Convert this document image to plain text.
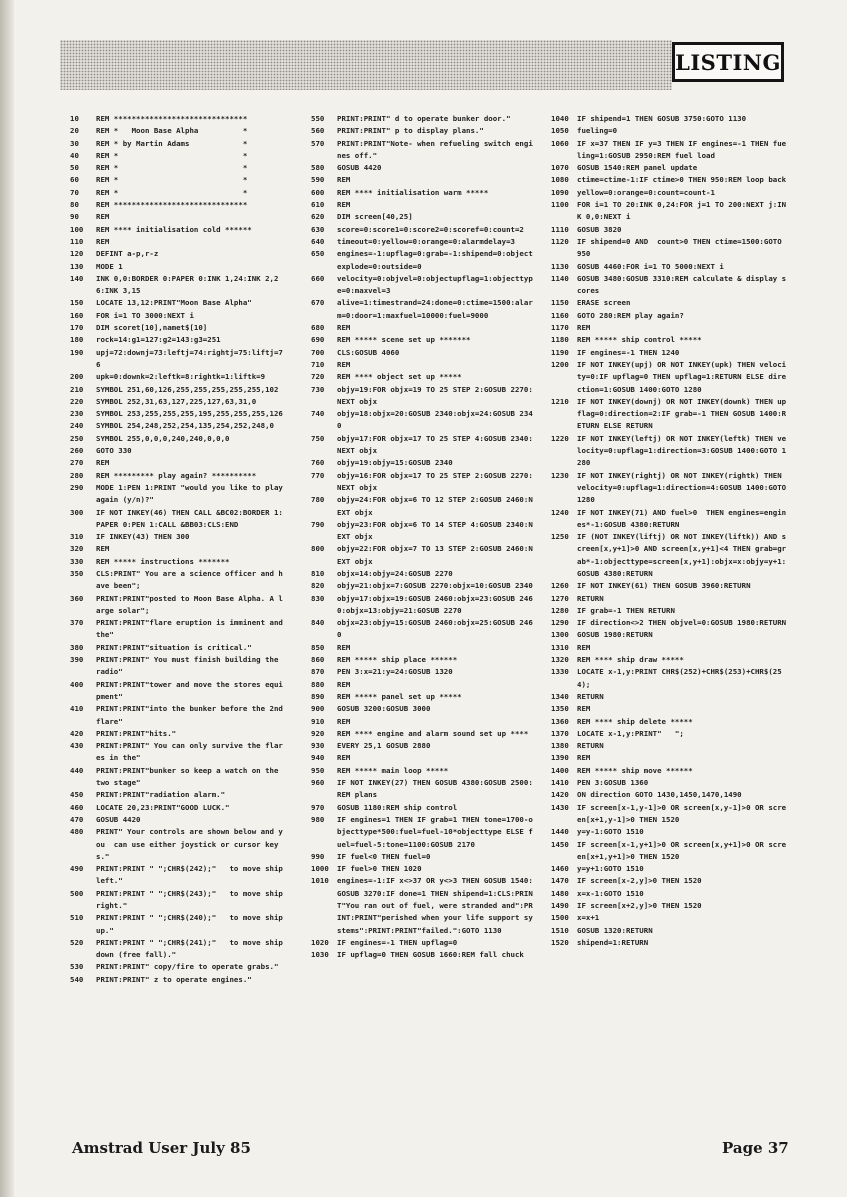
LISTING
10	REM ******************************
20	REM *   Moon Base Alpha          *
30	REM * by Martin Adams            *
40	REM *                            *
50	REM *                            *
60	REM *                            *
70	REM *                            *
80	REM ******************************
90	REM
100	REM **** initialisation cold ******
110	REM
120	DEFINT a-p,r-z
130	MODE 1
140	INK 0,0:BORDER 0:PAPER 0:INK 1,24:INK 2,26:INK 3,15
150	LOCATE 13,12:PRINT"Moon Base Alpha"
160	FOR i=1 TO 3000:NEXT i
170	DIM scoret[10],namet$[10]
180	rock=14:g1=127:g2=143:g3=251
190	upj=72:downj=73:leftj=74:rightj=75:liftj=76
200	upk=0:downk=2:leftk=8:rightk=1:liftk=9
210	SYMBOL 251,60,126,255,255,255,255,255,102
220	SYMBOL 252,31,63,127,225,127,63,31,0
230	SYMBOL 253,255,255,255,195,255,255,255,126
240	SYMBOL 254,248,252,254,135,254,252,248,0
250	SYMBOL 255,0,0,0,240,240,0,0,0
260	GOTO 330
270	REM
280	REM ********* play again? **********
290	MODE 1:PEN 1:PRINT "would you like to play again (y/n)?"
300	IF NOT INKEY(46) THEN CALL &BC02:BORDER 1:PAPER 0:PEN 1:CALL &BB03:CLS:END
310	IF INKEY(43) THEN 300
320	REM
330	REM ***** instructions *******
350	CLS:PRINT" You are a science officer and have been";
360	PRINT:PRINT"posted to Moon Base Alpha. A large solar";
370	PRINT:PRINT"flare eruption is imminent and the"
380	PRINT:PRINT"situation is critical."
390	PRINT:PRINT" You must finish building the radio"
400	PRINT:PRINT"tower and move the stores equipment"
410	PRINT:PRINT"into the bunker before the 2nd flare"
420	PRINT:PRINT"hits."
430	PRINT:PRINT" You can only survive the flares in the"
440	PRINT:PRINT"bunker so keep a watch on the two stage"
450	PRINT:PRINT"radiation alarm."
460	LOCATE 20,23:PRINT"GOOD LUCK."
470	GOSUB 4420
480	PRINT" Your controls are shown below and you  can use either joystick or cursor keys."
490	PRINT:PRINT " ";CHR$(242);"   to move ship left."
500	PRINT:PRINT " ";CHR$(243);"   to move ship right."
510	PRINT:PRINT " ";CHR$(240);"   to move ship up."
520	PRINT:PRINT " ";CHR$(241);"   to move ship down (free fall)."
530	PRINT:PRINT" copy/fire to operate grabs."
540	PRINT:PRINT" z to operate engines."
550	PRINT:PRINT" d to operate bunker door."
560	PRINT:PRINT" p to display plans."
570	PRINT:PRINT"Note- when refueling switch engines off."
580	GOSUB 4420
590	REM
600	REM **** initialisation warm *****
610	REM
620	DIM screen[40,25]
630	score=0:score1=0:score2=0:scoref=0:count=2
640	timeout=0:yellow=0:orange=0:alarmdelay=3
650	engines=-1:upflag=0:grab=-1:shipend=0:objectexplode=0:outside=0
660	velocity=0:objvel=0:objectupflag=1:objecttype=0:maxvel=3
670	alive=1:timestrand=24:done=0:ctime=1500:alarm=0:door=1:maxfuel=10000:fuel=9000
680	REM
690	REM ***** scene set up *******
700	CLS:GOSUB 4060
710	REM
720	REM **** object set up *****
730	objy=19:FOR objx=19 TO 25 STEP 2:GOSUB 2270:NEXT objx
740	objy=18:objx=20:GOSUB 2340:objx=24:GOSUB 2340
750	objy=17:FOR objx=17 TO 25 STEP 4:GOSUB 2340:NEXT objx
760	objy=19:objy=15:GOSUB 2340
770	objy=16:FOR objx=17 TO 25 STEP 2:GOSUB 2270:NEXT objx
780	objy=24:FOR objx=6 TO 12 STEP 2:GOSUB 2460:NEXT objx
790	objy=23:FOR objx=6 TO 14 STEP 4:GOSUB 2340:NEXT objx
800	objy=22:FOR objx=7 TO 13 STEP 2:GOSUB 2460:NEXT objx
810	objx=14:objy=24:GOSUB 2270
820	objy=21:objx=7:GOSUB 2270:objx=10:GOSUB 2340
830	objy=17:objx=19:GOSUB 2460:objx=23:GOSUB 2460:objx=13:objy=21:GOSUB 2270
840	objx=23:objy=15:GOSUB 2460:objx=25:GOSUB 2460
850	REM
860	REM ***** ship place ******
870	PEN 3:x=21:y=24:GOSUB 1320
880	REM
890	REM ***** panel set up *****
900	GOSUB 3200:GOSUB 3000
910	REM
920	REM **** engine and alarm sound set up ****
930	EVERY 25,1 GOSUB 2880
940	REM
950	REM ***** main loop *****
960	IF NOT INKEY(27) THEN GOSUB 4380:GOSUB 2500:REM plans
970	GOSUB 1180:REM ship control
980	IF engines=1 THEN IF grab=1 THEN tone=1700-objecttype*500:fuel=fuel-10*objecttype ELSE fuel=fuel-5:tone=1100:GOSUB 2170
990	IF fuel<0 THEN fuel=0
1000	IF fuel>0 THEN 1020
1010	engines=-1:IF x<>37 OR y<>3 THEN GOSUB 1540:GOSUB 3270:IF done=1 THEN shipend=1:CLS:PRINT"You ran out of fuel, were stranded and":PRINT:PRINT"perished when your life support systems":PRINT:PRINT"failed.":GOTO 1130
1020	IF engines=-1 THEN upflag=0
1030	IF upflag=0 THEN GOSUB 1660:REM fall chuck
1040	IF shipend=1 THEN GOSUB 3750:GOTO 1130
1050	fueling=0
1060	IF x=37 THEN IF y=3 THEN IF engines=-1 THEN fueling=1:GOSUB 2950:REM fuel load
1070	GOSUB 1540:REM panel update
1080	ctime=ctime-1:IF ctime>0 THEN 950:REM loop back
1090	yellow=0:orange=0:count=count-1
1100	FOR i=1 TO 20:INK 0,24:FOR j=1 TO 200:NEXT j:INK 0,0:NEXT i
1110	GOSUB 3820
1120	IF shipend=0 AND  count>0 THEN ctime=1500:GOTO 950
1130	GOSUB 4460:FOR i=1 TO 5000:NEXT i
1140	GOSUB 3480:GOSUB 3310:REM calculate & display scores
1150	ERASE screen
1160	GOTO 280:REM play again?
1170	REM
1180	REM ***** ship control *****
1190	IF engines=-1 THEN 1240
1200	IF NOT INKEY(upj) OR NOT INKEY(upk) THEN velocity=0:IF upflag=0 THEN upflag=1:RETURN ELSE direction=1:GOSUB 1400:GOTO 1280
1210	IF NOT INKEY(downj) OR NOT INKEY(downk) THEN upflag=0:direction=2:IF grab=-1 THEN GOSUB 1400:RETURN ELSE RETURN
1220	IF NOT INKEY(leftj) OR NOT INKEY(leftk) THEN velocity=0:upflag=1:direction=3:GOSUB 1400:GOTO 1280
1230	IF NOT INKEY(rightj) OR NOT INKEY(rightk) THEN velocity=0:upflag=1:direction=4:GOSUB 1400:GOTO 1280
1240	IF NOT INKEY(71) AND fuel>0  THEN engines=engines*-1:GOSUB 4380:RETURN
1250	IF (NOT INKEY(liftj) OR NOT INKEY(liftk)) AND screen[x,y+1]>0 AND screen[x,y+1]<4 THEN grab=grab*-1:objecttype=screen[x,y+1]:objx=x:objy=y+1:GOSUB 4380:RETURN
1260	IF NOT INKEY(61) THEN GOSUB 3960:RETURN
1270	RETURN
1280	IF grab=-1 THEN RETURN
1290	IF direction<>2 THEN objvel=0:GOSUB 1980:RETURN
1300	GOSUB 1980:RETURN
1310	REM
1320	REM **** ship draw *****
1330	LOCATE x-1,y:PRINT CHR$(252)+CHR$(253)+CHR$(254);
1340	RETURN
1350	REM
1360	REM **** ship delete *****
1370	LOCATE x-1,y:PRINT"   ";
1380	RETURN
1390	REM
1400	REM ***** ship move ******
1410	PEN 3:GOSUB 1360
1420	ON direction GOTO 1430,1450,1470,1490
1430	IF screen[x-1,y-1]>0 OR screen[x,y-1]>0 OR screen[x+1,y-1]>0 THEN 1520
1440	y=y-1:GOTO 1510
1450	IF screen[x-1,y+1]>0 OR screen[x,y+1]>0 OR screen[x+1,y+1]>0 THEN 1520
1460	y=y+1:GOTO 1510
1470	IF screen[x-2,y]>0 THEN 1520
1480	x=x-1:GOTO 1510
1490	IF screen[x+2,y]>0 THEN 1520
1500	x=x+1
1510	GOSUB 1320:RETURN
1520	shipend=1:RETURN
Amstrad User July 85	Page 37
